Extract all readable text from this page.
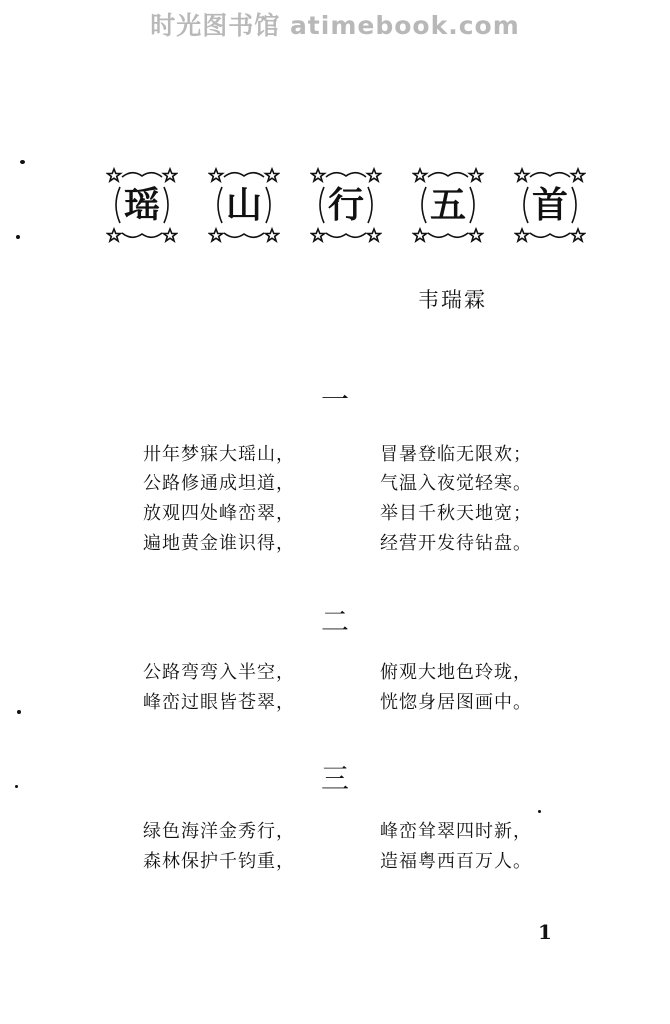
时光图书馆 atimebook.com
瑶	山	行	五	首
韦瑞霖
一
卅年梦寐大瑶山，	冒暑登临无限欢；
公路修通成坦道，	气温入夜觉轻寒。
放观四处峰峦翠，	举目千秋天地宽；
遍地黄金谁识得，	经营开发待钻盘。
二
公路弯弯入半空，	俯观大地色玲珑，
峰峦过眼皆苍翠，	恍惚身居图画中。
三
绿色海洋金秀行，	峰峦耸翠四时新，
森林保护千钧重，	造福粤西百万人。
1
